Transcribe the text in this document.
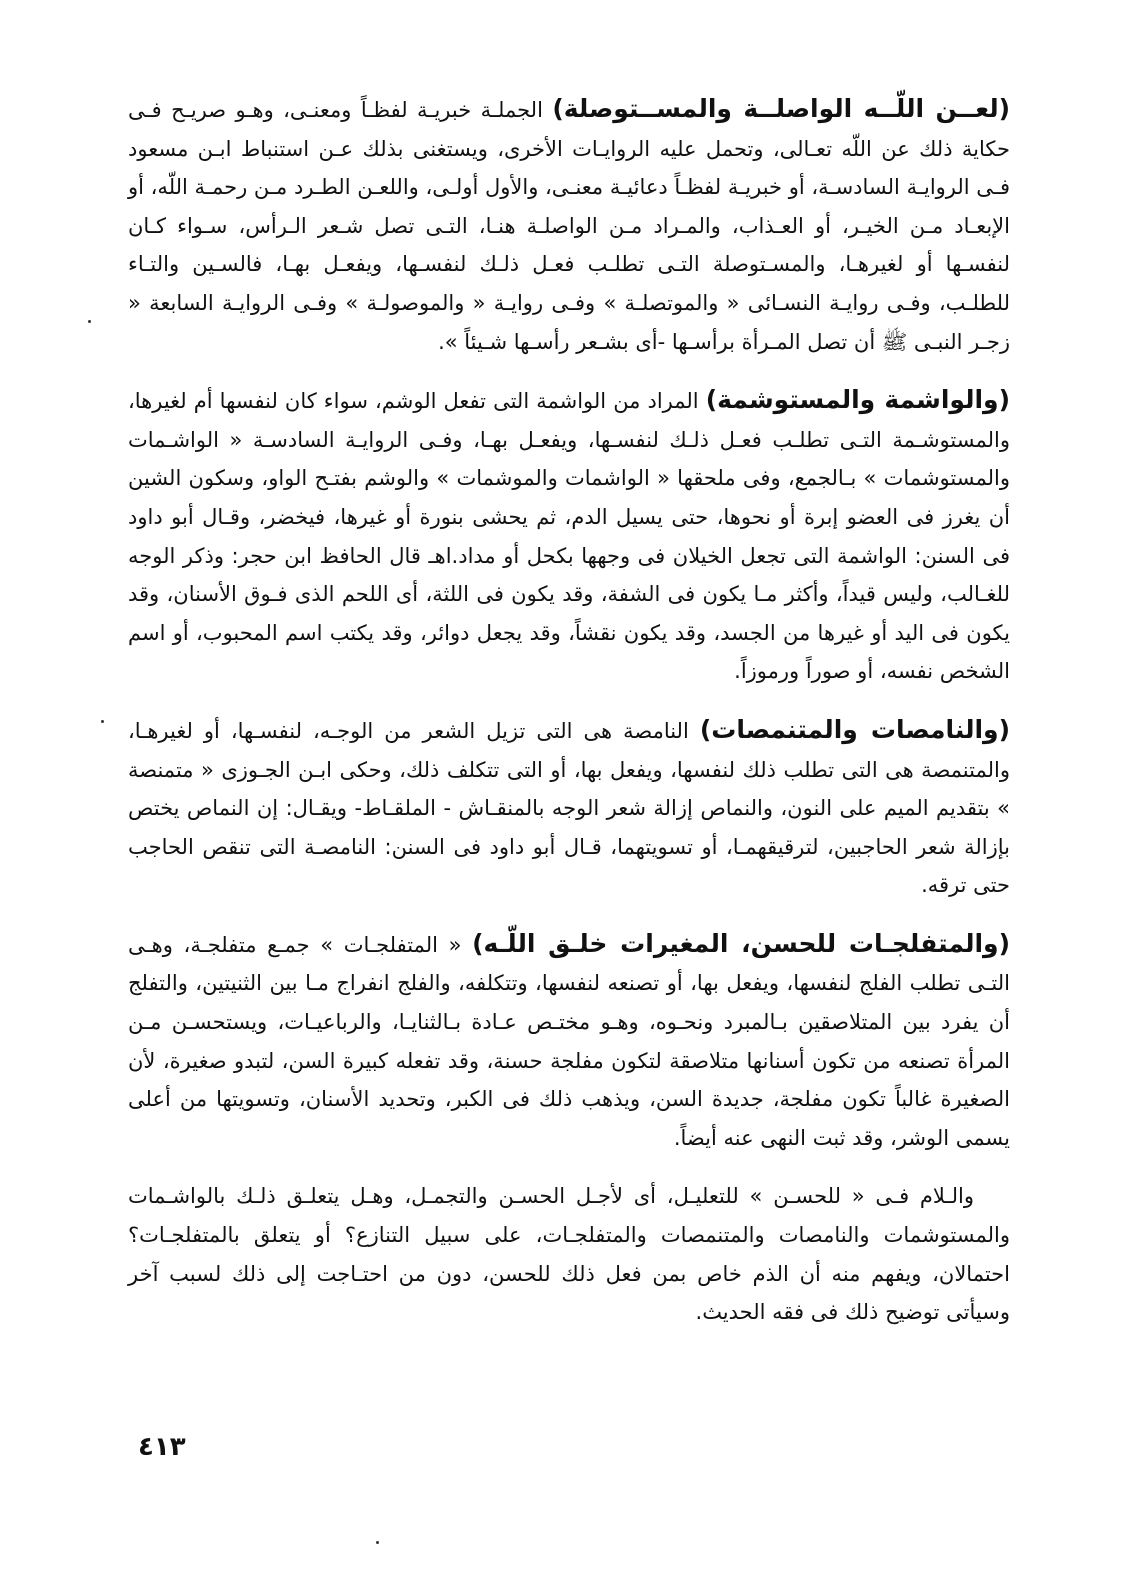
(لعــن اللّــه الواصلــة والمســتوصلة) الجملـة خبريـة لفظـاً ومعنـى، وهـو صريـح فـى حكاية ذلك عن اللّه تعـالى، وتحمل عليه الروايـات الأخرى، ويستغنى بذلك عـن استنباط ابـن مسعود فـى الروايـة السادسـة، أو خبريـة لفظـاً دعائيـة معنـى، والأول أولـى، واللعـن الطـرد مـن رحمـة اللّه، أو الإبعـاد مـن الخيـر، أو العـذاب، والمـراد مـن الواصلـة هنـا، التـى تصل شـعر الـرأس، سـواء كـان لنفسـها أو لغيرهـا، والمسـتوصلة التـى تطلـب فعـل ذلـك لنفسـها، ويفعـل بهـا، فالسـين والتـاء للطلـب، وفـى روايـة النسـائى « والموتصلـة » وفـى روايـة « والموصولـة » وفـى الروايـة السابعة « زجـر النبـى ﷺ أن تصل المـرأة برأسـها -أى بشـعر رأسـها شـيئاً ».

(والواشمة والمستوشمة) المراد من الواشمة التى تفعل الوشم، سواء كان لنفسها أم لغيرها، والمستوشـمة التـى تطلـب فعـل ذلـك لنفسـها، ويفعـل بهـا، وفـى الروايـة السادسـة « الواشـمات والمستوشمات » بـالجمع، وفى ملحقها « الواشمات والموشمات » والوشم بفتـح الواو، وسكون الشين أن يغرز فى العضو إبرة أو نحوها، حتى يسيل الدم، ثم يحشى بنورة أو غيرها، فيخضر، وقـال أبو داود فى السنن: الواشمة التى تجعل الخيلان فى وجهها بكحل أو مداد.اهـ قال الحافظ ابن حجر: وذكر الوجه للغـالب، وليس قيداً، وأكثر مـا يكون فى الشفة، وقد يكون فى اللثة، أى اللحم الذى فـوق الأسنان، وقد يكون فى اليد أو غيرها من الجسد، وقد يكون نقشاً، وقد يجعل دوائر، وقد يكتب اسم المحبوب، أو اسم الشخص نفسه، أو صوراً ورموزاً.

(والنامصات والمتنمصات) النامصة هى التى تزيل الشعر من الوجـه، لنفسـها، أو لغيرهـا، والمتنمصة هى التى تطلب ذلك لنفسها، ويفعل بها، أو التى تتكلف ذلك، وحكى ابـن الجـوزى « متمنصة » بتقديم الميم على النون، والنماص إزالة شعر الوجه بالمنقـاش - الملقـاط- ويقـال: إن النماص يختص بإزالة شعر الحاجبين، لترقيقهمـا، أو تسويتهما، قـال أبو داود فى السنن: النامصـة التى تنقص الحاجب حتى ترقه.

(والمتفلجـات للحسن، المغيرات خلـق اللّـه) « المتفلجـات » جمـع متفلجـة، وهـى التـى تطلب الفلج لنفسها، ويفعل بها، أو تصنعه لنفسها، وتتكلفه، والفلج انفراج مـا بين الثنيتين، والتفلج أن يفرد بين المتلاصقين بـالمبرد ونحـوه، وهـو مختـص عـادة بـالثنايـا، والرباعيـات، ويستحسـن مـن المرأة تصنعه من تكون أسنانها متلاصقة لتكون مفلجة حسنة، وقد تفعله كبيرة السن، لتبدو صغيرة، لأن الصغيرة غالباً تكون مفلجة، جديدة السن، ويذهب ذلك فى الكبر، وتحديد الأسنان، وتسويتها من أعلى يسمى الوشر، وقد ثبت النهى عنه أيضاً.

والـلام فـى « للحسـن » للتعليـل، أى لأجـل الحسـن والتجمـل، وهـل يتعلـق ذلـك بالواشـمات والمستوشمات والنامصات والمتنمصات والمتفلجـات، على سبيل التنازع؟ أو يتعلق بالمتفلجـات؟ احتمالان، ويفهم منه أن الذم خاص بمن فعل ذلك للحسن، دون من احتـاجت إلى ذلك لسبب آخر وسيأتى توضيح ذلك فى فقه الحديث.

٤١٣
